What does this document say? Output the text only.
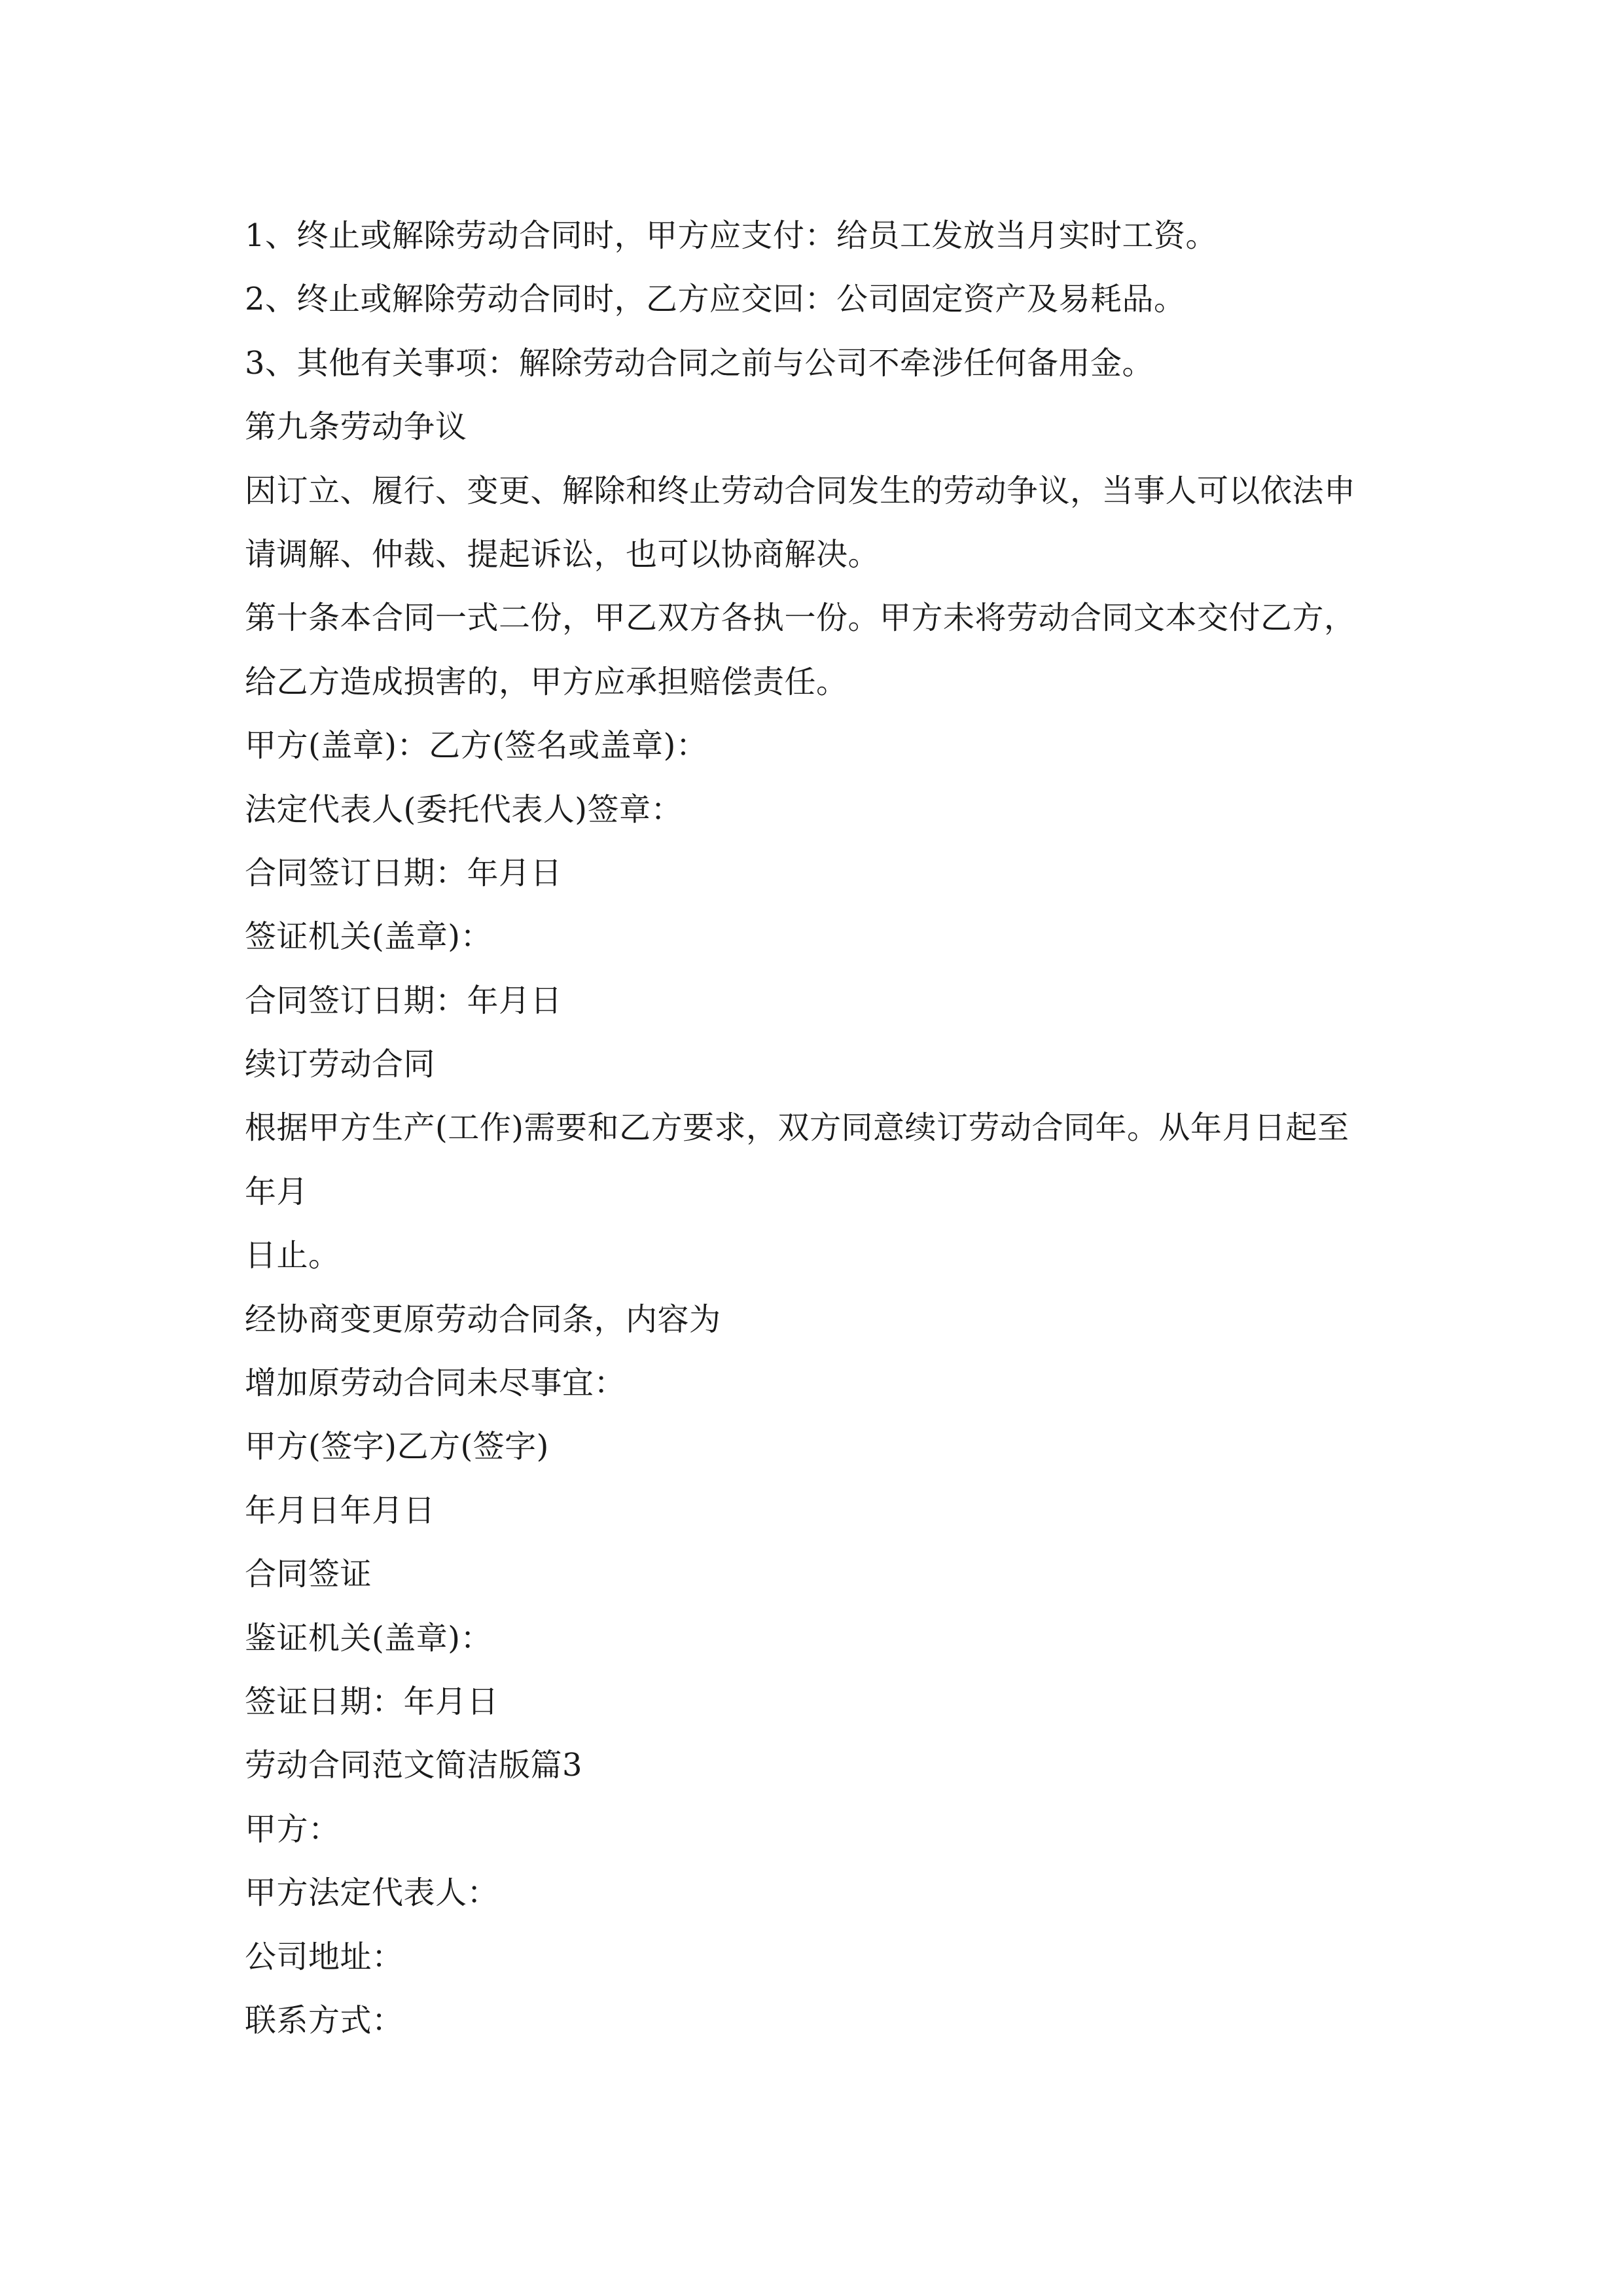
1、终止或解除劳动合同时，甲方应支付：给员工发放当月实时工资。
2、终止或解除劳动合同时，乙方应交回：公司固定资产及易耗品。
3、其他有关事项：解除劳动合同之前与公司不牵涉任何备用金。
第九条劳动争议
因订立、履行、变更、解除和终止劳动合同发生的劳动争议，当事人可以依法申
请调解、仲裁、提起诉讼，也可以协商解决。
第十条本合同一式二份，甲乙双方各执一份。甲方未将劳动合同文本交付乙方，
给乙方造成损害的，甲方应承担赔偿责任。
甲方(盖章)：乙方(签名或盖章)：
法定代表人(委托代表人)签章：
合同签订日期：年月日
签证机关(盖章)：
合同签订日期：年月日
续订劳动合同
根据甲方生产(工作)需要和乙方要求，双方同意续订劳动合同年。从年月日起至
年月
日止。
经协商变更原劳动合同条，内容为
增加原劳动合同未尽事宜：
甲方(签字)乙方(签字)
年月日年月日
合同签证
鉴证机关(盖章)：
签证日期：年月日
劳动合同范文简洁版篇3
甲方：
甲方法定代表人：
公司地址：
联系方式：
